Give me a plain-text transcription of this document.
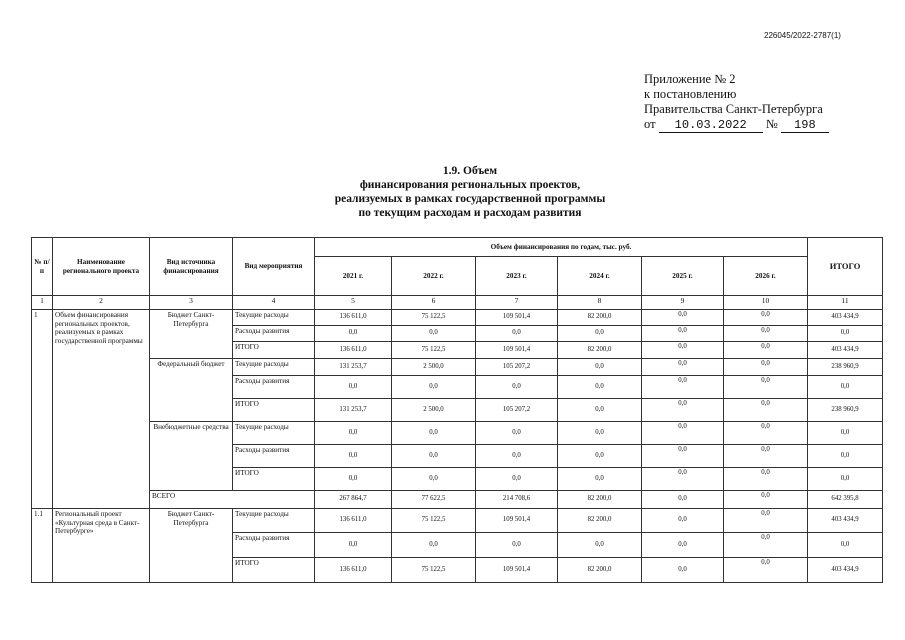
226045/2022-2787(1)
Приложение № 2
к постановлению
Правительства Санкт-Петербурга
от 10.03.2022 № 198
1.9. Объем
финансирования региональных проектов,
реализуемых в рамках государственной программы
по текущим расходам и расходам развития
№ п/п	Наименование регионального проекта	Вид источника финансирования	Вид мероприятия	Объем финансирования по годам, тыс. руб.						ИТОГО
				2021 г.	2022 г.	2023 г.	2024 г.	2025 г.	2026 г.	
1	2	3	4	5	6	7	8	9	10	11
1	Объем финансирования региональных проектов, реализуемых в рамках государственной программы	Бюджет Санкт-Петербурга	Текущие расходы	136 611,0	75 122,5	109 501,4	82 200,0	0,0	0,0	403 434,9
			Расходы развития	0,0	0,0	0,0	0,0	0,0	0,0	0,0
			ИТОГО	136 611,0	75 122,5	109 501,4	82 200,0	0,0	0,0	403 434,9
		Федеральный бюджет	Текущие расходы	131 253,7	2 500,0	105 207,2	0,0	0,0	0,0	238 960,9
			Расходы развития	0,0	0,0	0,0	0,0	0,0	0,0	0,0
			ИТОГО	131 253,7	2 500,0	105 207,2	0,0	0,0	0,0	238 960,9
		Внебюджетные средства	Текущие расходы	0,0	0,0	0,0	0,0	0,0	0,0	0,0
			Расходы развития	0,0	0,0	0,0	0,0	0,0	0,0	0,0
			ИТОГО	0,0	0,0	0,0	0,0	0,0	0,0	0,0
		ВСЕГО		267 864,7	77 622,5	214 708,6	82 200,0	0,0	0,0	642 395,8
1.1	Региональный проект «Культурная среда в Санкт-Петербурге»	Бюджет Санкт-Петербурга	Текущие расходы	136 611,0	75 122,5	109 501,4	82 200,0	0,0	0,0	403 434,9
			Расходы развития	0,0	0,0	0,0	0,0	0,0	0,0	0,0
			ИТОГО	136 611,0	75 122,5	109 501,4	82 200,0	0,0	0,0	403 434,9
